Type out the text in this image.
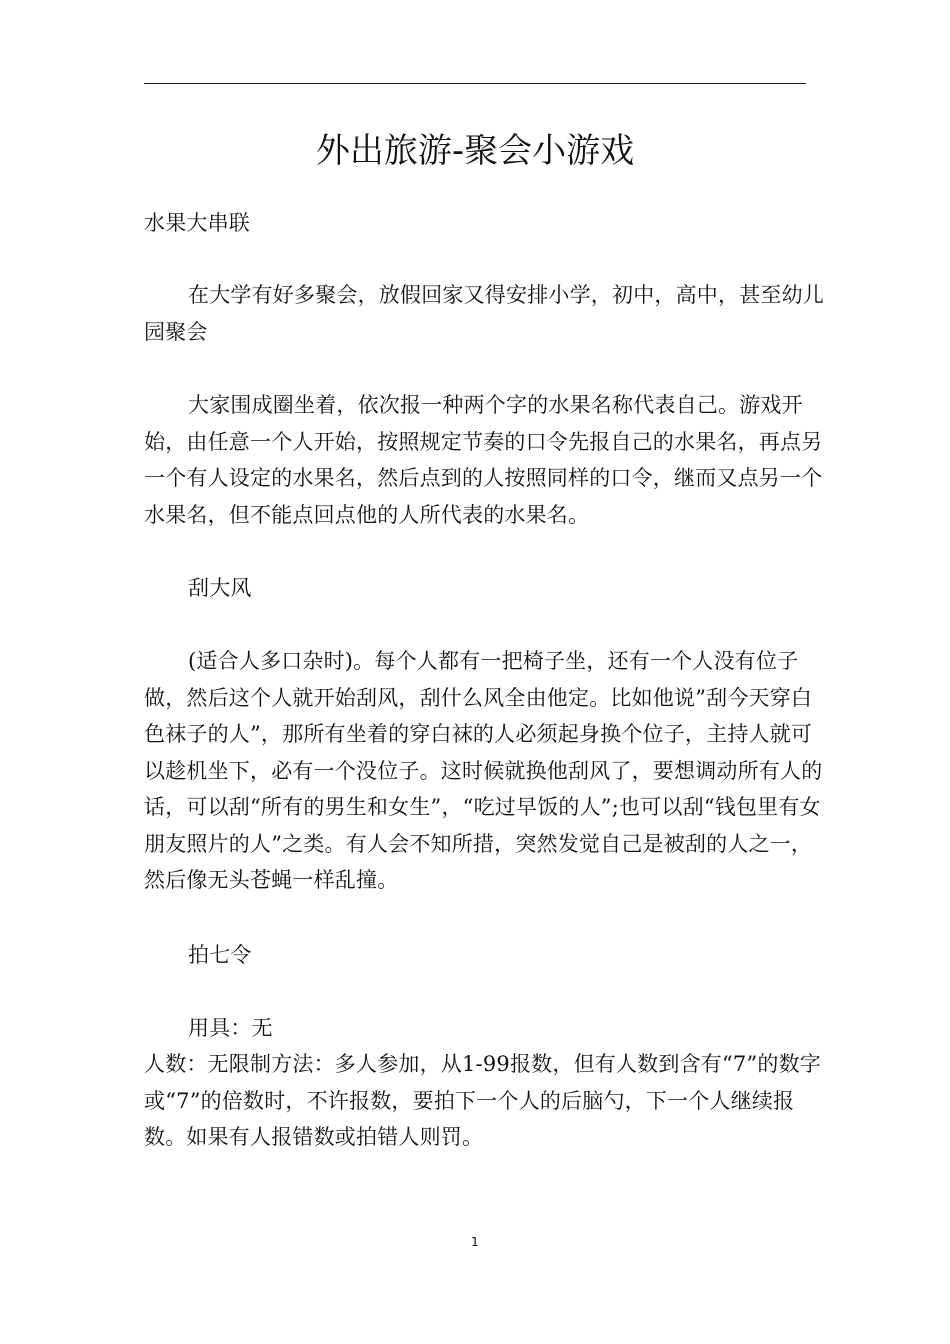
外出旅游-聚会小游戏

水果大串联

在大学有好多聚会，放假回家又得安排小学，初中，高中，甚至幼儿园聚会

大家围成圈坐着，依次报一种两个字的水果名称代表自己。游戏开始，由任意一个人开始，按照规定节奏的口令先报自己的水果名，再点另一个有人设定的水果名，然后点到的人按照同样的口令，继而又点另一个水果名，但不能点回点他的人所代表的水果名。

刮大风

(适合人多口杂时)。每个人都有一把椅子坐，还有一个人没有位子做，然后这个人就开始刮风，刮什么风全由他定。比如他说”刮今天穿白色袜子的人”，那所有坐着的穿白袜的人必须起身换个位子，主持人就可以趁机坐下，必有一个没位子。这时候就换他刮风了，要想调动所有人的话，可以刮“所有的男生和女生”，“吃过早饭的人”;也可以刮“钱包里有女朋友照片的人”之类。有人会不知所措，突然发觉自己是被刮的人之一，然后像无头苍蝇一样乱撞。

拍七令

用具：无

人数：无限制方法：多人参加，从1-99报数，但有人数到含有“7”的数字或“7”的倍数时，不许报数，要拍下一个人的后脑勺，下一个人继续报数。如果有人报错数或拍错人则罚。

1
